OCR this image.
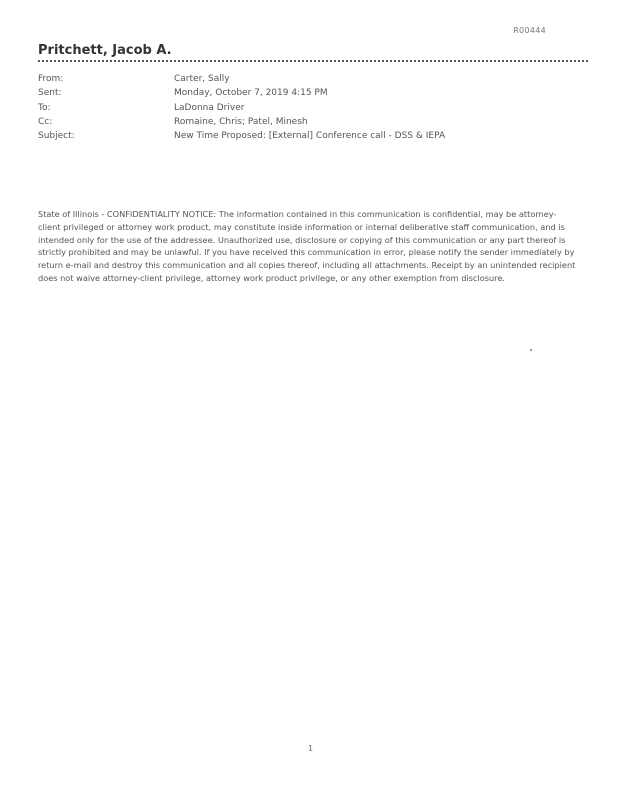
R00444
Pritchett, Jacob A.
From:	Carter, Sally
Sent:	Monday, October 7, 2019 4:15 PM
To:	LaDonna Driver
Cc:	Romaine, Chris; Patel, Minesh
Subject:	New Time Proposed: [External] Conference call - DSS & IEPA

State of Illinois - CONFIDENTIALITY NOTICE: The information contained in this communication is confidential, may be attorney-client privileged or attorney work product, may constitute inside information or internal deliberative staff communication, and is intended only for the use of the addressee. Unauthorized use, disclosure or copying of this communication or any part thereof is strictly prohibited and may be unlawful. If you have received this communication in error, please notify the sender immediately by return e-mail and destroy this communication and all copies thereof, including all attachments. Receipt by an unintended recipient does not waive attorney-client privilege, attorney work product privilege, or any other exemption from disclosure.

1
